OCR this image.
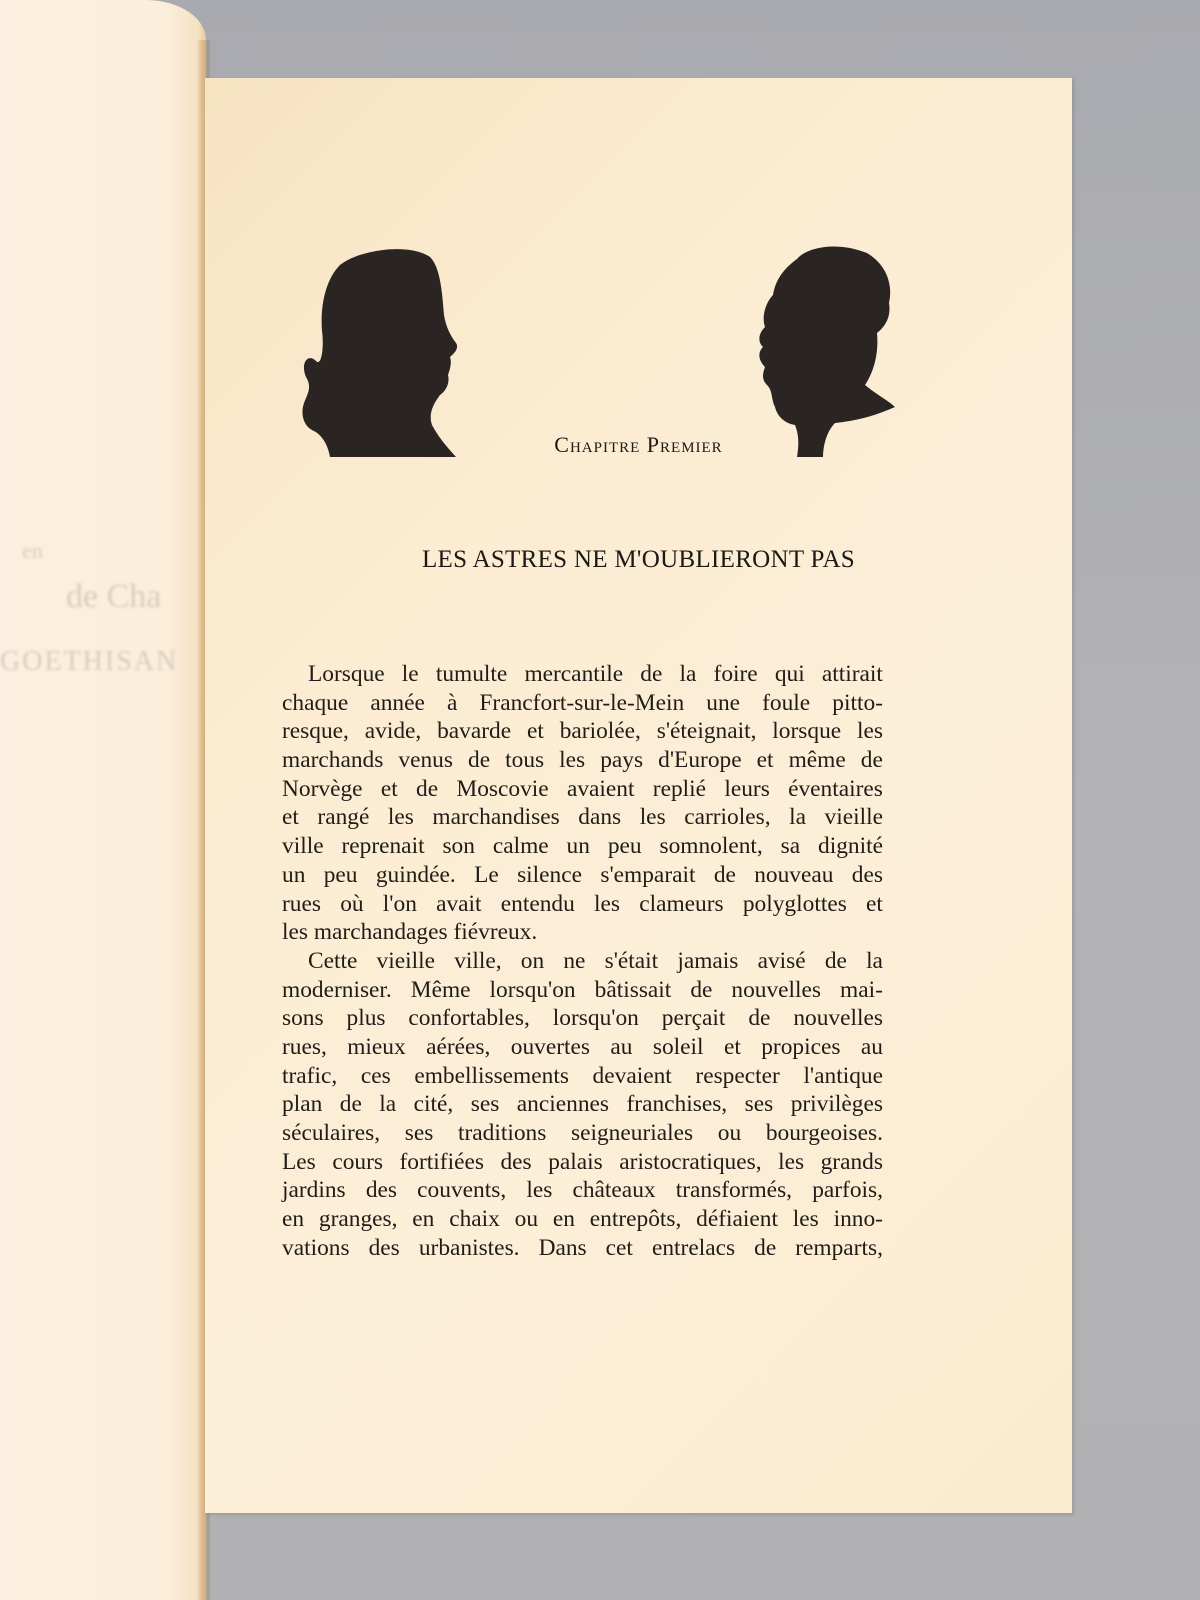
en
de Cha
GOETHISAN
Chapitre Premier
LES ASTRES NE M'OUBLIERONT PAS
Lorsque le tumulte mercantile de la foire qui attirait
chaque année à Francfort-sur-le-Mein une foule pitto-
resque, avide, bavarde et bariolée, s'éteignait, lorsque les
marchands venus de tous les pays d'Europe et même de
Norvège et de Moscovie avaient replié leurs éventaires
et rangé les marchandises dans les carrioles, la vieille
ville reprenait son calme un peu somnolent, sa dignité
un peu guindée. Le silence s'emparait de nouveau des
rues où l'on avait entendu les clameurs polyglottes et
les marchandages fiévreux.
Cette vieille ville, on ne s'était jamais avisé de la
moderniser. Même lorsqu'on bâtissait de nouvelles mai-
sons plus confortables, lorsqu'on perçait de nouvelles
rues, mieux aérées, ouvertes au soleil et propices au
trafic, ces embellissements devaient respecter l'antique
plan de la cité, ses anciennes franchises, ses privilèges
séculaires, ses traditions seigneuriales ou bourgeoises.
Les cours fortifiées des palais aristocratiques, les grands
jardins des couvents, les châteaux transformés, parfois,
en granges, en chaix ou en entrepôts, défiaient les inno-
vations des urbanistes. Dans cet entrelacs de remparts,
